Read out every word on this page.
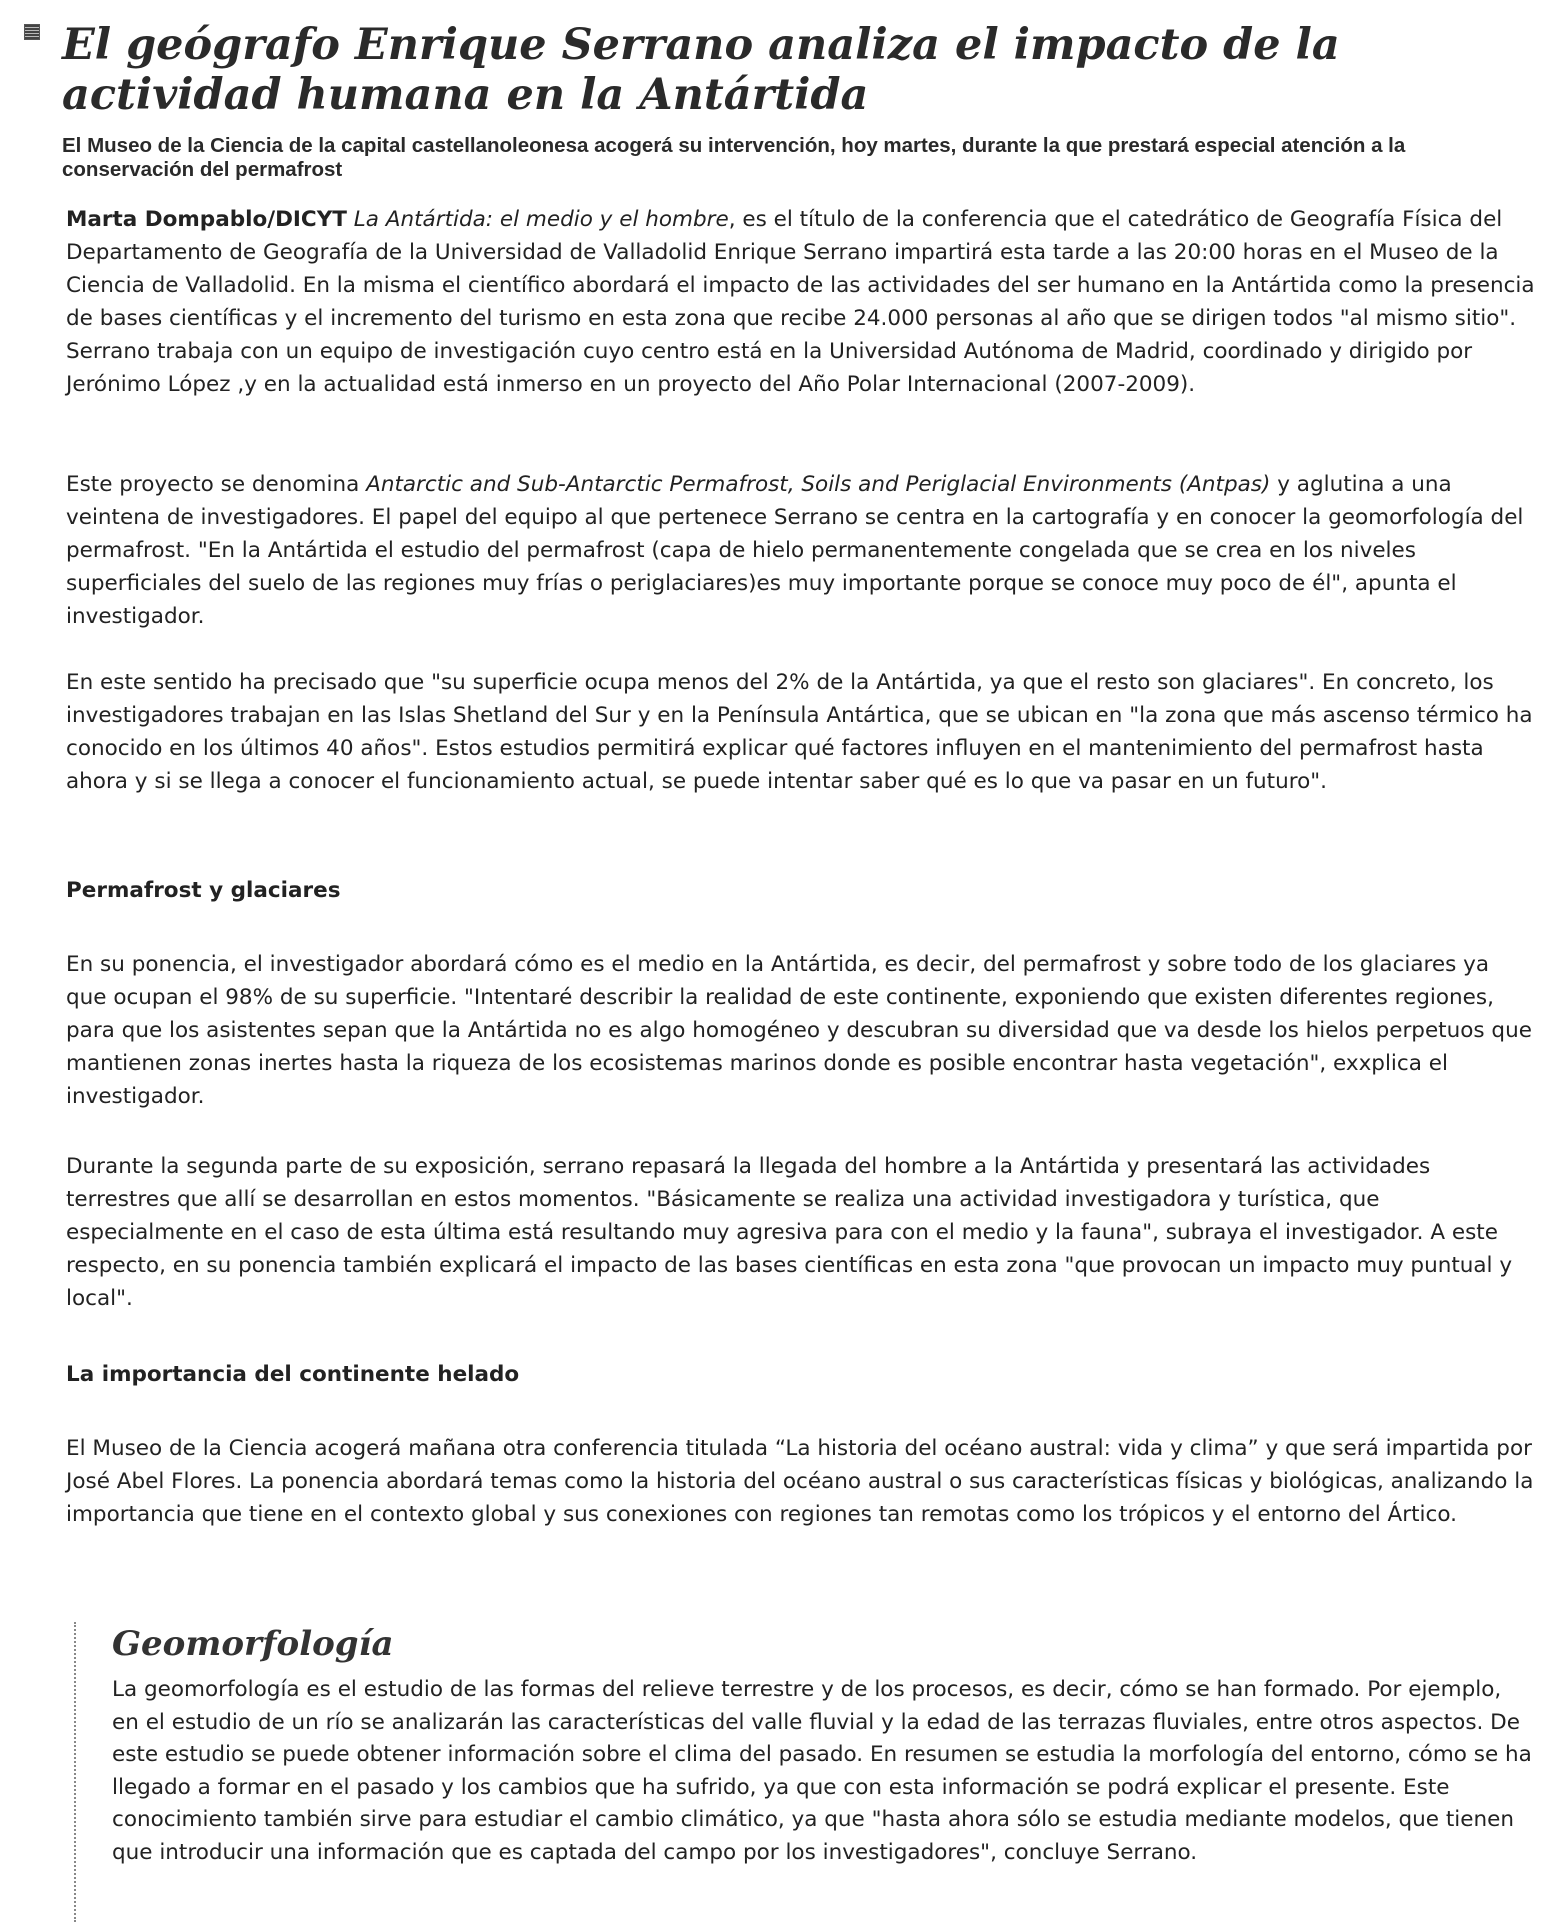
El geógrafo Enrique Serrano analiza el impacto de la actividad humana en la Antártida

El Museo de la Ciencia de la capital castellanoleonesa acogerá su intervención, hoy martes, durante la que prestará especial atención a la conservación del permafrost

Marta Dompablo/DICYT La Antártida: el medio y el hombre, es el título de la conferencia que el catedrático de Geografía Física del Departamento de Geografía de la Universidad de Valladolid Enrique Serrano impartirá esta tarde a las 20:00 horas en el Museo de la Ciencia de Valladolid. En la misma el científico abordará el impacto de las actividades del ser humano en la Antártida como la presencia de bases científicas y el incremento del turismo en esta zona que recibe 24.000 personas al año que se dirigen todos "al mismo sitio". Serrano trabaja con un equipo de investigación cuyo centro está en la Universidad Autónoma de Madrid, coordinado y dirigido por Jerónimo López ,y en la actualidad está inmerso en un proyecto del Año Polar Internacional (2007-2009).

Este proyecto se denomina Antarctic and Sub-Antarctic Permafrost, Soils and Periglacial Environments (Antpas) y aglutina a una veintena de investigadores. El papel del equipo al que pertenece Serrano se centra en la cartografía y en conocer la geomorfología del permafrost. "En la Antártida el estudio del permafrost (capa de hielo permanentemente congelada que se crea en los niveles superficiales del suelo de las regiones muy frías o periglaciares)es muy importante porque se conoce muy poco de él", apunta el investigador.

En este sentido ha precisado que "su superficie ocupa menos del 2% de la Antártida, ya que el resto son glaciares". En concreto, los investigadores trabajan en las Islas Shetland del Sur y en la Península Antártica, que se ubican en "la zona que más ascenso térmico ha conocido en los últimos 40 años". Estos estudios permitirá explicar qué factores influyen en el mantenimiento del permafrost hasta ahora y si se llega a conocer el funcionamiento actual, se puede intentar saber qué es lo que va pasar en un futuro".

Permafrost y glaciares

En su ponencia, el investigador abordará cómo es el medio en la Antártida, es decir, del permafrost y sobre todo de los glaciares ya que ocupan el 98% de su superficie. "Intentaré describir la realidad de este continente, exponiendo que existen diferentes regiones, para que los asistentes sepan que la Antártida no es algo homogéneo y descubran su diversidad que va desde los hielos perpetuos que mantienen zonas inertes hasta la riqueza de los ecosistemas marinos donde es posible encontrar hasta vegetación", exxplica el investigador.

Durante la segunda parte de su exposición, serrano repasará la llegada del hombre a la Antártida y presentará las actividades terrestres que allí se desarrollan en estos momentos. "Básicamente se realiza una actividad investigadora y turística, que especialmente en el caso de esta última está resultando muy agresiva para con el medio y la fauna", subraya el investigador. A este respecto, en su ponencia también explicará el impacto de las bases científicas en esta zona "que provocan un impacto muy puntual y local".

La importancia del continente helado

El Museo de la Ciencia acogerá mañana otra conferencia titulada “La historia del océano austral: vida y clima” y que será impartida por José Abel Flores. La ponencia abordará temas como la historia del océano austral o sus características físicas y biológicas, analizando la importancia que tiene en el contexto global y sus conexiones con regiones tan remotas como los trópicos y el entorno del Ártico.

Geomorfología

La geomorfología es el estudio de las formas del relieve terrestre y de los procesos, es decir, cómo se han formado. Por ejemplo, en el estudio de un río se analizarán las características del valle fluvial y la edad de las terrazas fluviales, entre otros aspectos. De este estudio se puede obtener información sobre el clima del pasado. En resumen se estudia la morfología del entorno, cómo se ha llegado a formar en el pasado y los cambios que ha sufrido, ya que con esta información se podrá explicar el presente. Este conocimiento también sirve para estudiar el cambio climático, ya que "hasta ahora sólo se estudia mediante modelos, que tienen que introducir una información que es captada del campo por los investigadores", concluye Serrano.
